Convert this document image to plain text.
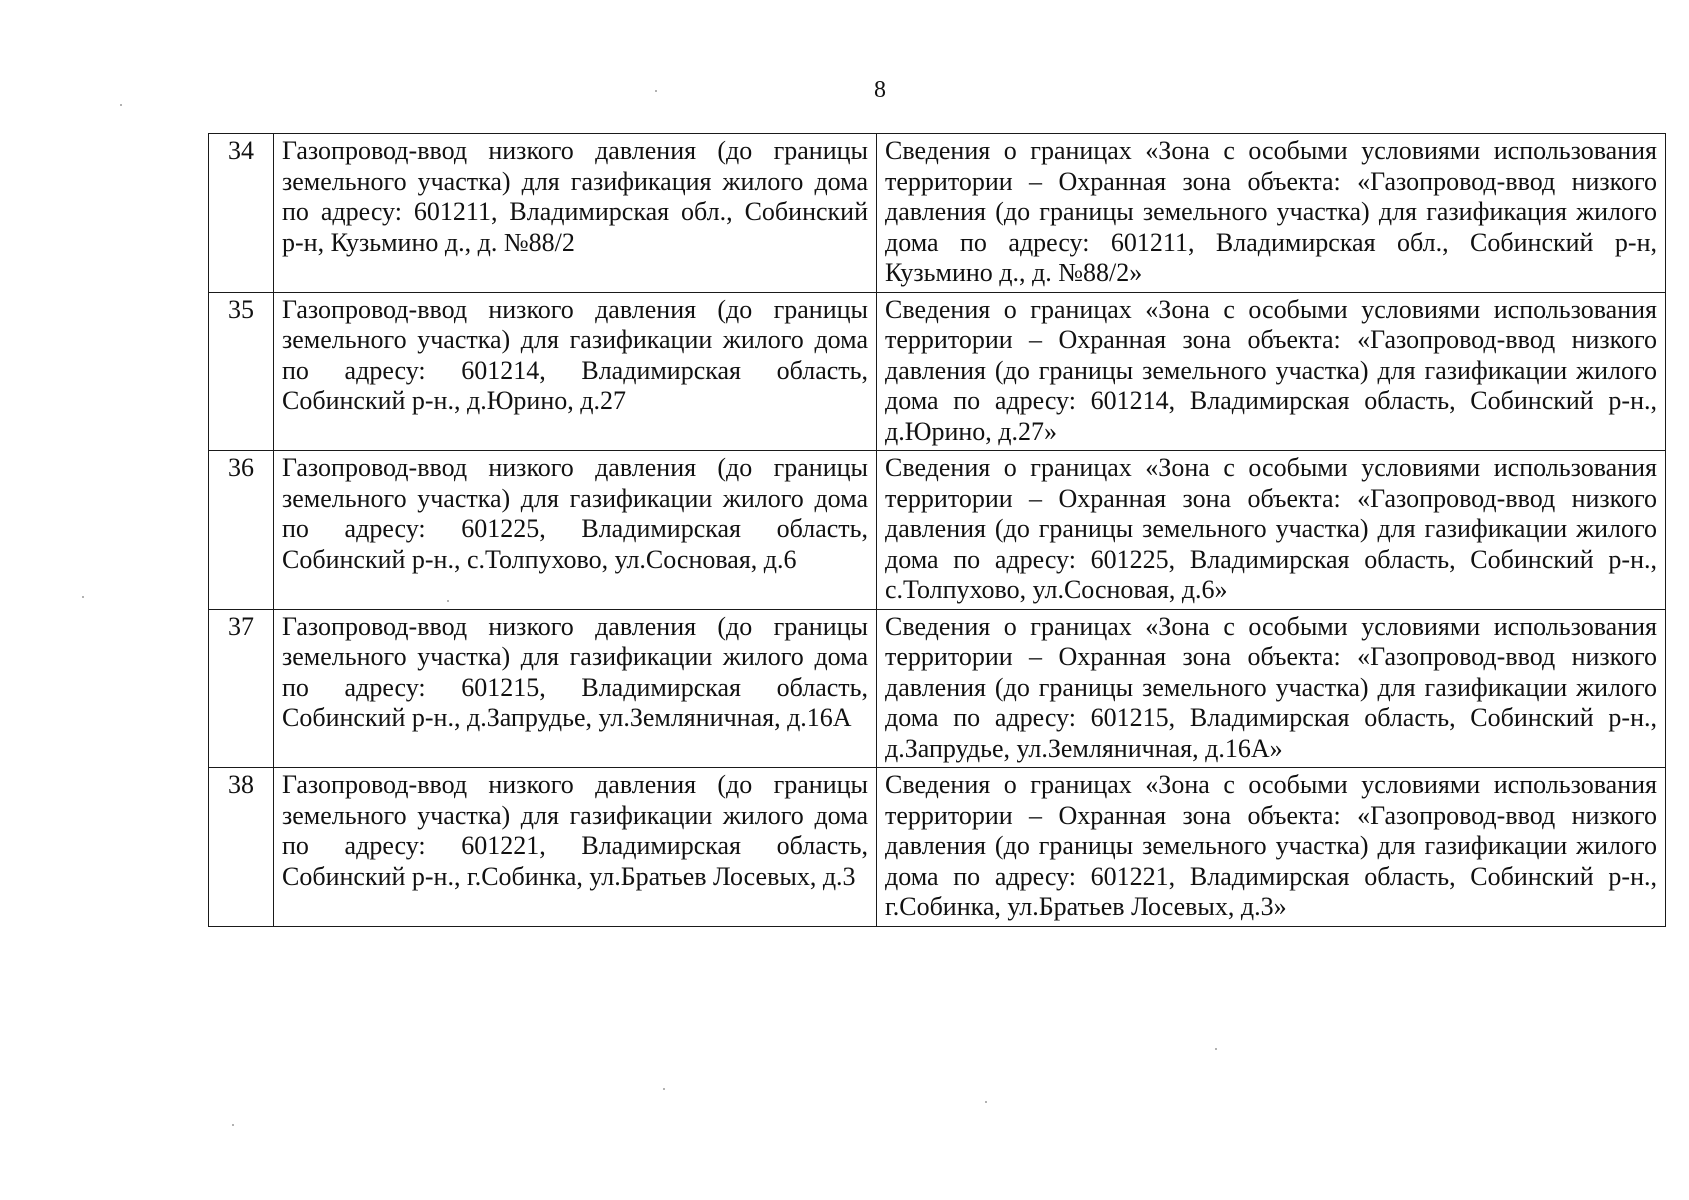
8
34	Газопровод-ввод низкого давления (до границы земельного участка) для газификация жилого дома по адресу: 601211, Владимирская обл., Собинский р-н, Кузьмино д., д. №88/2	Сведения о границах «Зона с особыми условиями использования территории – Охранная зона объекта: «Газопровод-ввод низкого давления (до границы земельного участка) для газификация жилого дома по адресу: 601211, Владимирская обл., Собинский р-н, Кузьмино д., д. №88/2»

35	Газопровод-ввод низкого давления (до границы земельного участка) для газификации жилого дома по адресу: 601214, Владимирская область, Собинский р-н., д.Юрино, д.27	Сведения о границах «Зона с особыми условиями использования территории – Охранная зона объекта: «Газопровод-ввод низкого давления (до границы земельного участка) для газификации жилого дома по адресу: 601214, Владимирская область, Собинский р-н., д.Юрино, д.27»

36	Газопровод-ввод низкого давления (до границы земельного участка) для газификации жилого дома по адресу: 601225, Владимирская область, Собинский р-н., с.Толпухово, ул.Сосновая, д.6	Сведения о границах «Зона с особыми условиями использования территории – Охранная зона объекта: «Газопровод-ввод низкого давления (до границы земельного участка) для газификации жилого дома по адресу: 601225, Владимирская область, Собинский р-н., с.Толпухово, ул.Сосновая, д.6»

37	Газопровод-ввод низкого давления (до границы земельного участка) для газификации жилого дома по адресу: 601215, Владимирская область, Собинский р-н., д.Запрудье, ул.Земляничная, д.16А	Сведения о границах «Зона с особыми условиями использования территории – Охранная зона объекта: «Газопровод-ввод низкого давления (до границы земельного участка) для газификации жилого дома по адресу: 601215, Владимирская область, Собинский р-н., д.Запрудье, ул.Земляничная, д.16А»

38	Газопровод-ввод низкого давления (до границы земельного участка) для газификации жилого дома по адресу: 601221, Владимирская область, Собинский р-н., г.Собинка, ул.Братьев Лосевых, д.3	Сведения о границах «Зона с особыми условиями использования территории – Охранная зона объекта: «Газопровод-ввод низкого давления (до границы земельного участка) для газификации жилого дома по адресу: 601221, Владимирская область, Собинский р-н., г.Собинка, ул.Братьев Лосевых, д.3»
